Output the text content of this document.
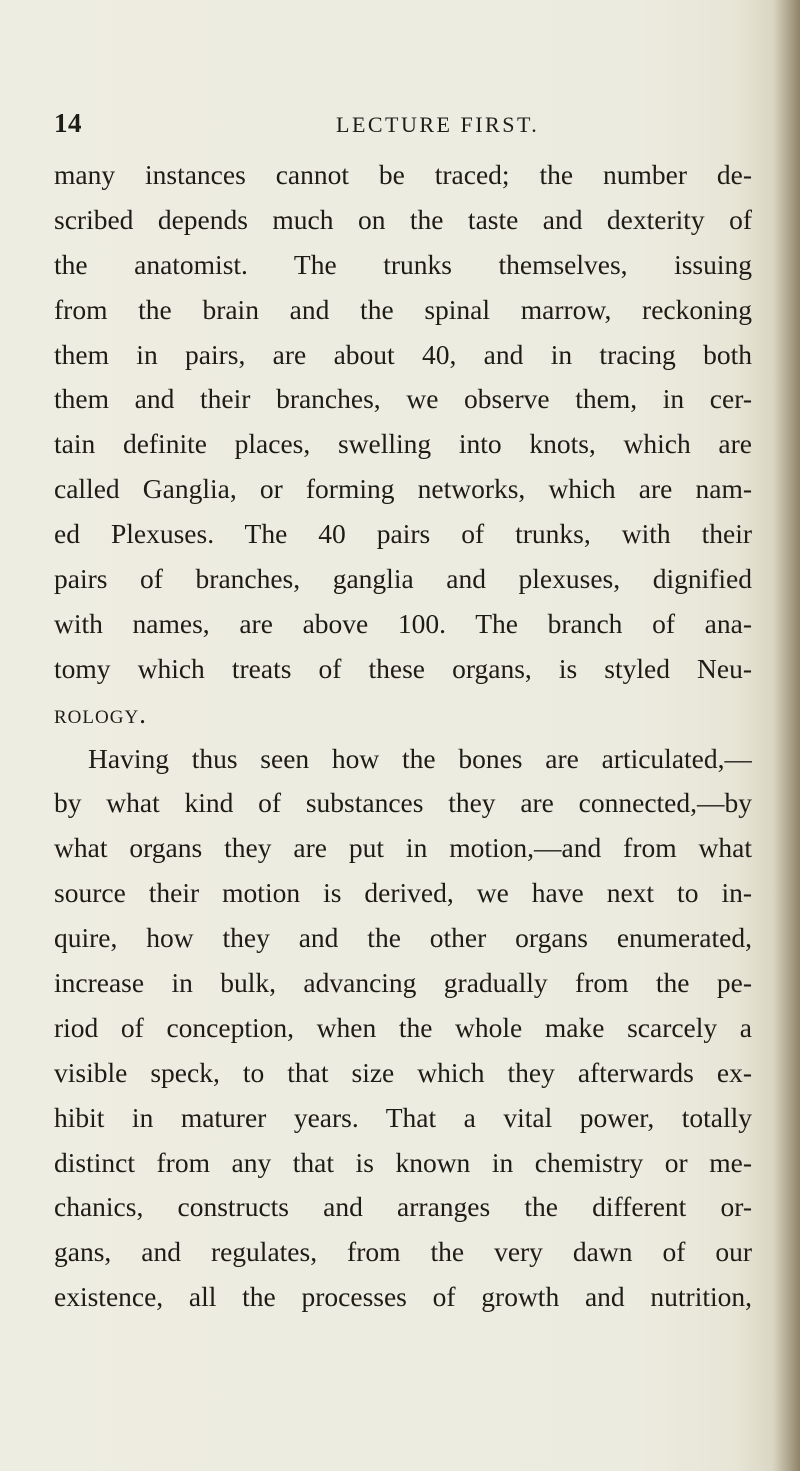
14	LECTURE FIRST.
many instances cannot be traced; the number de-
scribed depends much on the taste and dexterity of
the anatomist. The trunks themselves, issuing
from the brain and the spinal marrow, reckoning
them in pairs, are about 40, and in tracing both
them and their branches, we observe them, in cer-
tain definite places, swelling into knots, which are
called Ganglia, or forming networks, which are nam-
ed Plexuses. The 40 pairs of trunks, with their
pairs of branches, ganglia and plexuses, dignified
with names, are above 100. The branch of ana-
tomy which treats of these organs, is styled Neu-
rology.
Having thus seen how the bones are articulated,—
by what kind of substances they are connected,—by
what organs they are put in motion,—and from what
source their motion is derived, we have next to in-
quire, how they and the other organs enumerated,
increase in bulk, advancing gradually from the pe-
riod of conception, when the whole make scarcely a
visible speck, to that size which they afterwards ex-
hibit in maturer years. That a vital power, totally
distinct from any that is known in chemistry or me-
chanics, constructs and arranges the different or-
gans, and regulates, from the very dawn of our
existence, all the processes of growth and nutrition,
